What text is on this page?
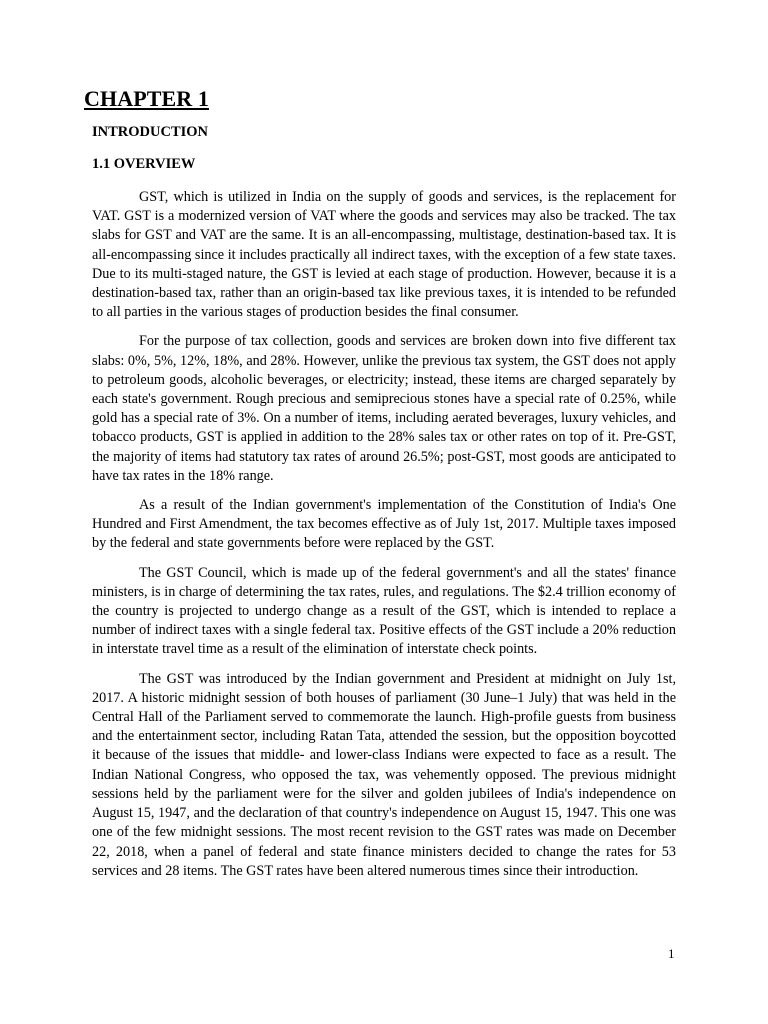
CHAPTER 1
INTRODUCTION
1.1 OVERVIEW

GST, which is utilized in India on the supply of goods and services, is the replacement for VAT. GST is a modernized version of VAT where the goods and services may also be tracked. The tax slabs for GST and VAT are the same. It is an all-encompassing, multistage, destination-based tax. It is all-encompassing since it includes practically all indirect taxes, with the exception of a few state taxes. Due to its multi-staged nature, the GST is levied at each stage of production. However, because it is a destination-based tax, rather than an origin-based tax like previous taxes, it is intended to be refunded to all parties in the various stages of production besides the final consumer.

For the purpose of tax collection, goods and services are broken down into five different tax slabs: 0%, 5%, 12%, 18%, and 28%. However, unlike the previous tax system, the GST does not apply to petroleum goods, alcoholic beverages, or electricity; instead, these items are charged separately by each state's government. Rough precious and semiprecious stones have a special rate of 0.25%, while gold has a special rate of 3%. On a number of items, including aerated beverages, luxury vehicles, and tobacco products, GST is applied in addition to the 28% sales tax or other rates on top of it. Pre-GST, the majority of items had statutory tax rates of around 26.5%; post-GST, most goods are anticipated to have tax rates in the 18% range.

As a result of the Indian government's implementation of the Constitution of India's One Hundred and First Amendment, the tax becomes effective as of July 1st, 2017. Multiple taxes imposed by the federal and state governments before were replaced by the GST.

The GST Council, which is made up of the federal government's and all the states' finance ministers, is in charge of determining the tax rates, rules, and regulations. The $2.4 trillion economy of the country is projected to undergo change as a result of the GST, which is intended to replace a number of indirect taxes with a single federal tax. Positive effects of the GST include a 20% reduction in interstate travel time as a result of the elimination of interstate check points.

The GST was introduced by the Indian government and President at midnight on July 1st, 2017. A historic midnight session of both houses of parliament (30 June–1 July) that was held in the Central Hall of the Parliament served to commemorate the launch. High-profile guests from business and the entertainment sector, including Ratan Tata, attended the session, but the opposition boycotted it because of the issues that middle- and lower-class Indians were expected to face as a result. The Indian National Congress, who opposed the tax, was vehemently opposed. The previous midnight sessions held by the parliament were for the silver and golden jubilees of India's independence on August 15, 1947, and the declaration of that country's independence on August 15, 1947. This one was one of the few midnight sessions. The most recent revision to the GST rates was made on December 22, 2018, when a panel of federal and state finance ministers decided to change the rates for 53 services and 28 items. The GST rates have been altered numerous times since their introduction.

1
